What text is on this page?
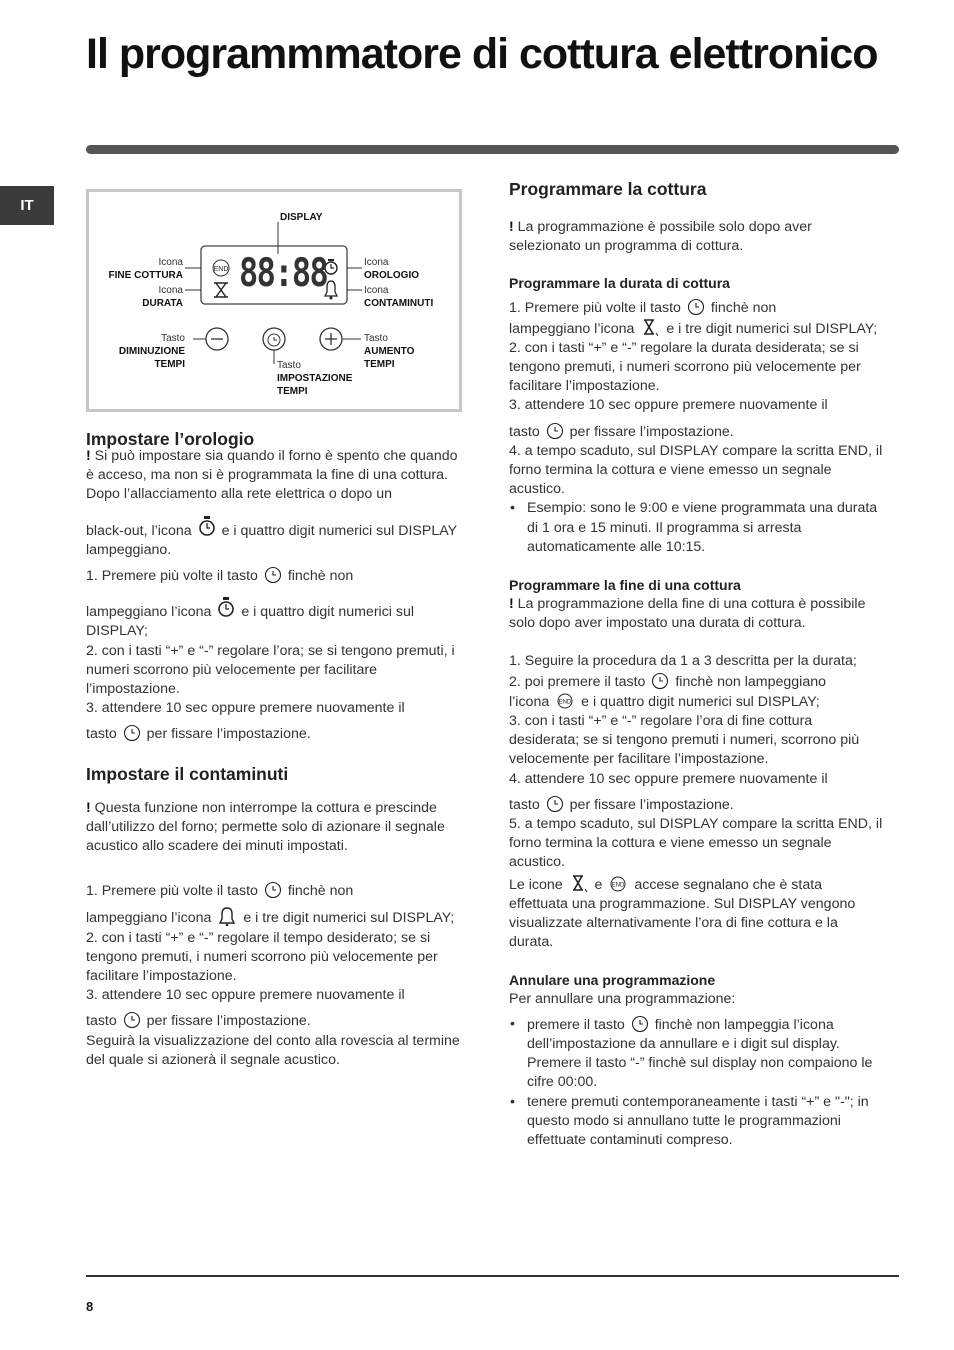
Il programmmatore di cottura elettronico
IT
END 88:88
DISPLAY
Icona
FINE COTTURA
Icona
DURATA
Icona
OROLOGIO
Icona
CONTAMINUTI
Tasto
DIMINUZIONE
TEMPI
Tasto
AUMENTO
TEMPI
Tasto
IMPOSTAZIONE
TEMPI
Impostare l’orologio

! Si può impostare sia quando il forno è spento che quando è acceso, ma non si è programmata la fine di una cottura.

Dopo l’allacciamento alla rete elettrica o dopo un

black-out, l’icona e i quattro digit numerici sul DISPLAY lampeggiano.

1. Premere più volte il tasto finchè non

lampeggiano l’icona e i quattro digit numerici sul DISPLAY;

2. con i tasti “+” e “-” regolare l’ora; se si tengono premuti, i numeri scorrono più velocemente per facilitare l’impostazione.

3. attendere 10 sec oppure premere nuovamente il

tasto per fissare l’impostazione.

Impostare il contaminuti

! Questa funzione non interrompe la cottura e prescinde dall’utilizzo del forno; permette solo di azionare il segnale acustico allo scadere dei minuti impostati.

1. Premere più volte il tasto finchè non

lampeggiano l’icona e i tre digit numerici sul DISPLAY;

2. con i tasti “+” e “-” regolare il tempo desiderato; se si tengono premuti, i numeri scorrono più velocemente per facilitare l’impostazione.

3. attendere 10 sec oppure premere nuovamente il

tasto per fissare l’impostazione.

Seguirà la visualizzazione del conto alla rovescia al termine del quale si azionerà il segnale acustico.

Programmare la cottura

! La programmazione è possibile solo dopo aver selezionato un programma di cottura.

Programmare la durata di cottura

1. Premere più volte il tasto finchè non

lampeggiano l’icona e i tre digit numerici sul DISPLAY;

2. con i tasti “+” e “-” regolare la durata desiderata; se si tengono premuti, i numeri scorrono più velocemente per facilitare l’impostazione.

3. attendere 10 sec oppure premere nuovamente il

tasto per fissare l’impostazione.

4. a tempo scaduto, sul DISPLAY compare la scritta END, il forno termina la cottura e viene emesso un segnale acustico.

• Esempio: sono le 9:00 e viene programmata una durata di 1 ora e 15 minuti. Il programma si arresta automaticamente alle 10:15.
Programmare la fine di una cottura

! La programmazione della fine di una cottura è possibile solo dopo aver impostato una durata di cottura.

1. Seguire la procedura da 1 a 3 descritta per la durata;

2. poi premere il tasto finchè non lampeggiano

l’icona END e i quattro digit numerici sul DISPLAY;

3. con i tasti “+” e “-” regolare l’ora di fine cottura desiderata; se si tengono premuti i numeri, scorrono più velocemente per facilitare l’impostazione.

4. attendere 10 sec oppure premere nuovamente il

tasto per fissare l’impostazione.

5. a tempo scaduto, sul DISPLAY compare la scritta END, il forno termina la cottura e viene emesso un segnale acustico.

Le icone e END accese segnalano che è stata effettuata una programmazione. Sul DISPLAY vengono visualizzate alternativamente l’ora di fine cottura e la durata.

Annulare una programmazione

Per annullare una programmazione:

• premere il tasto finchè non lampeggia l’icona dell’impostazione da annullare e i digit sul display. Premere il tasto “-” finchè sul display non compaiono le cifre 00:00.
• tenere premuti contemporaneamente i tasti “+” e "-"; in questo modo si annullano tutte le programmazioni effettuate contaminuti compreso.
8
